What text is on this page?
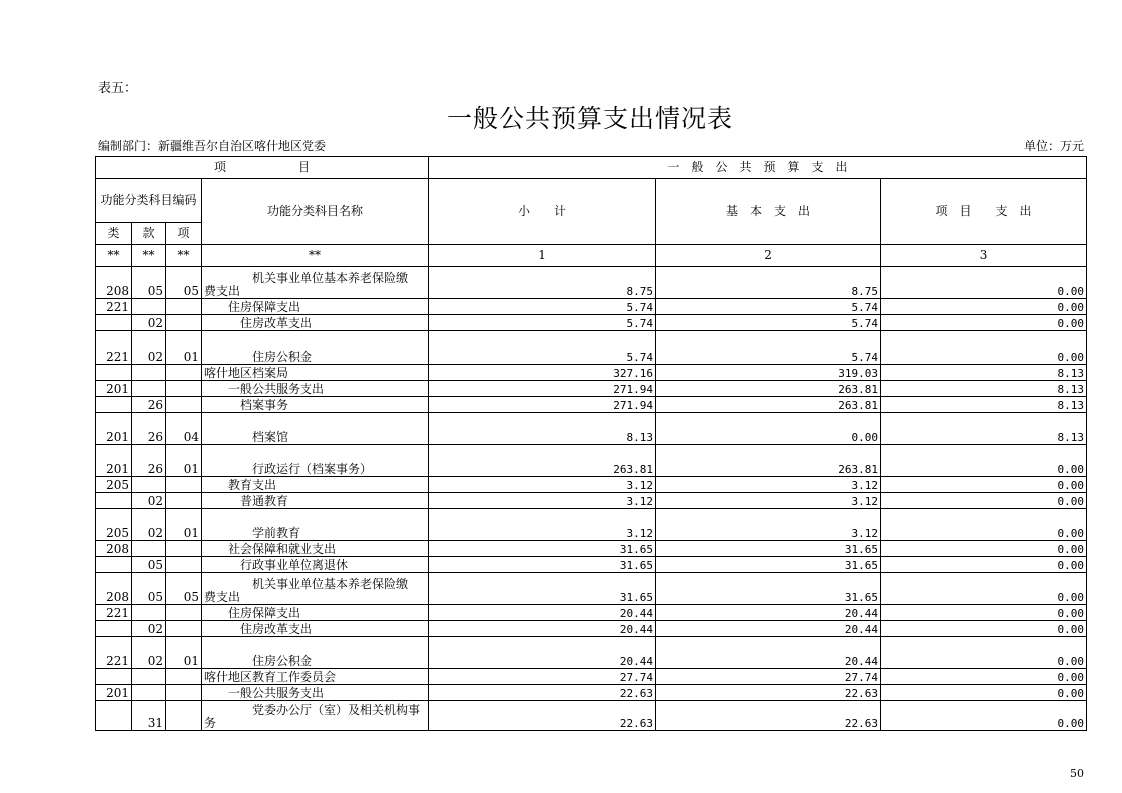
表五：
一般公共预算支出情况表
编制部门：新疆维吾尔自治区喀什地区党委	单位：万元
项　　　　　　目				一　般　公　共　预　算　支　出		
功能分类科目编码			功能分类科目名称	小　　计	基　本　支　出	项　目　　支　出
类	款	项				
**	**	**	**	1	2	3
208	05	05	　　　　机关事业单位基本养老保险缴
费支出	8.75	8.75	0.00
221			　　住房保障支出	5.74	5.74	0.00
	02		　　　住房改革支出	5.74	5.74	0.00
221	02	01	　　　　住房公积金	5.74	5.74	0.00

			喀什地区档案局	327.16	319.03	8.13
201			　　一般公共服务支出	271.94	263.81	8.13
	26		　　　档案事务	271.94	263.81	8.13
201	26	04	　　　　档案馆	8.13	0.00	8.13
201	26	01	　　　　行政运行（档案事务）	263.81	263.81	0.00
205			　　教育支出	3.12	3.12	0.00
	02		　　　普通教育	3.12	3.12	0.00
205	02	01	　　　　学前教育	3.12	3.12	0.00
208			　　社会保障和就业支出	31.65	31.65	0.00
	05		　　　行政事业单位离退休	31.65	31.65	0.00
208	05	05	　　　　机关事业单位基本养老保险缴
费支出	31.65	31.65	0.00
221			　　住房保障支出	20.44	20.44	0.00
	02		　　　住房改革支出	20.44	20.44	0.00
221	02	01	　　　　住房公积金	20.44	20.44	0.00

			喀什地区教育工作委员会	27.74	27.74	0.00
201			　　一般公共服务支出	22.63	22.63	0.00
	31		　　　　党委办公厅（室）及相关机构事
务	22.63	22.63	0.00
50
